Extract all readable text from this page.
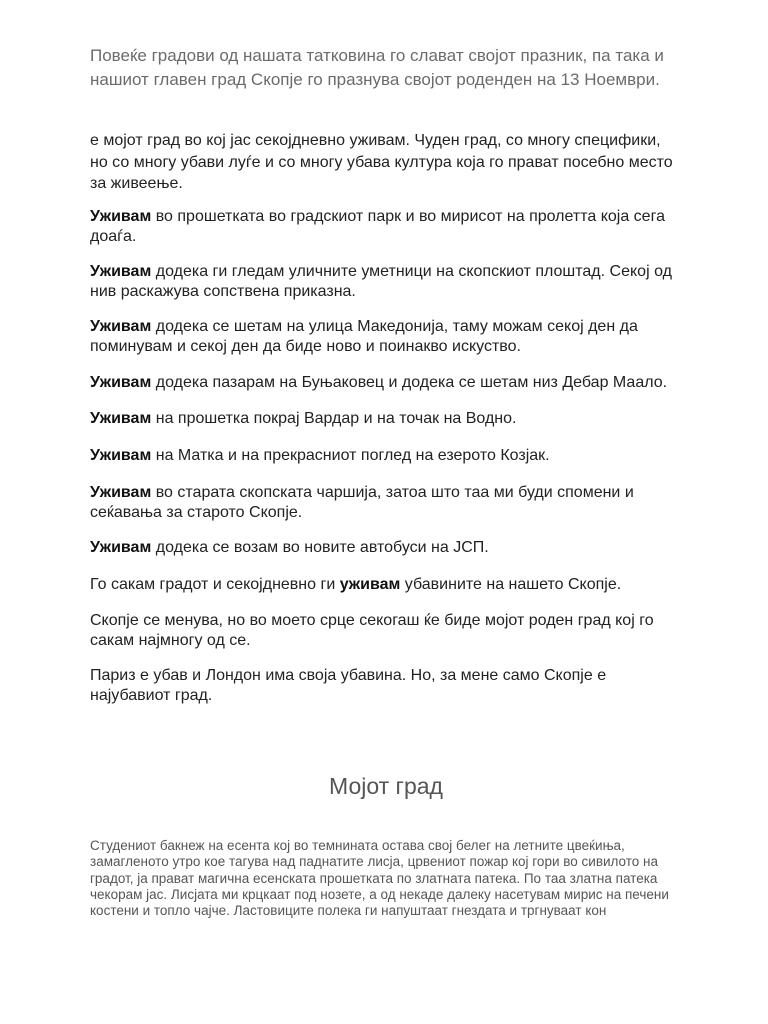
Повеќе градови од нашата татковина го слават својот празник, па така и нашиот главен град Скопје го празнува својот роденден на 13 Ноември.

е мојот град во кој јас секојдневно уживам. Чуден град, со многу специфики, но со многу убави луѓе и со многу убава култура која го прават посебно место за живеење.

Уживам во прошетката во градскиот парк и во мирисот на пролетта која сега доаѓа.

Уживам додека ги гледам уличните уметници на скопскиот плоштад. Секој од нив раскажува сопствена приказна.

Уживам додека се шетам на улица Македонија, таму можам секој ден да поминувам и секој ден да биде ново и поинакво искуство.

Уживам додека пазарам на Буњаковец и додека се шетам низ Дебар Маало.

Уживам на прошетка покрај Вардар и на точак на Водно.

Уживам на Матка и на прекрасниот поглед на езерото Козјак.

Уживам во старата скопската чаршија, затоа што таа ми буди спомени и сеќавања за старото Скопје.

Уживам додека се возам во новите автобуси на ЈСП.

Го сакам градот и секојдневно ги уживам убавините на нашето Скопје.

Скопје се менува, но во моето срце секогаш ќе биде мојот роден град кој го сакам најмногу од се.

Париз е убав и Лондон има своја убавина. Но, за мене само Скопје е најубавиот град.

Мојот град

Студениот бакнеж на есента кој во темнината остава свој белег на летните цвеќиња, замагленото утро кое тагува над паднатите лисја, црвениот пожар кој гори во сивилото на градот, ја прават магична есенската прошетката по златната патека. По таа златна патека чекорам јас. Лисјата ми крцкаат под нозете, а од некаде далеку насетувам мирис на печени костени и топло чајче. Ластовиците полека ги напуштаат гнездата и тргнуваат кон
